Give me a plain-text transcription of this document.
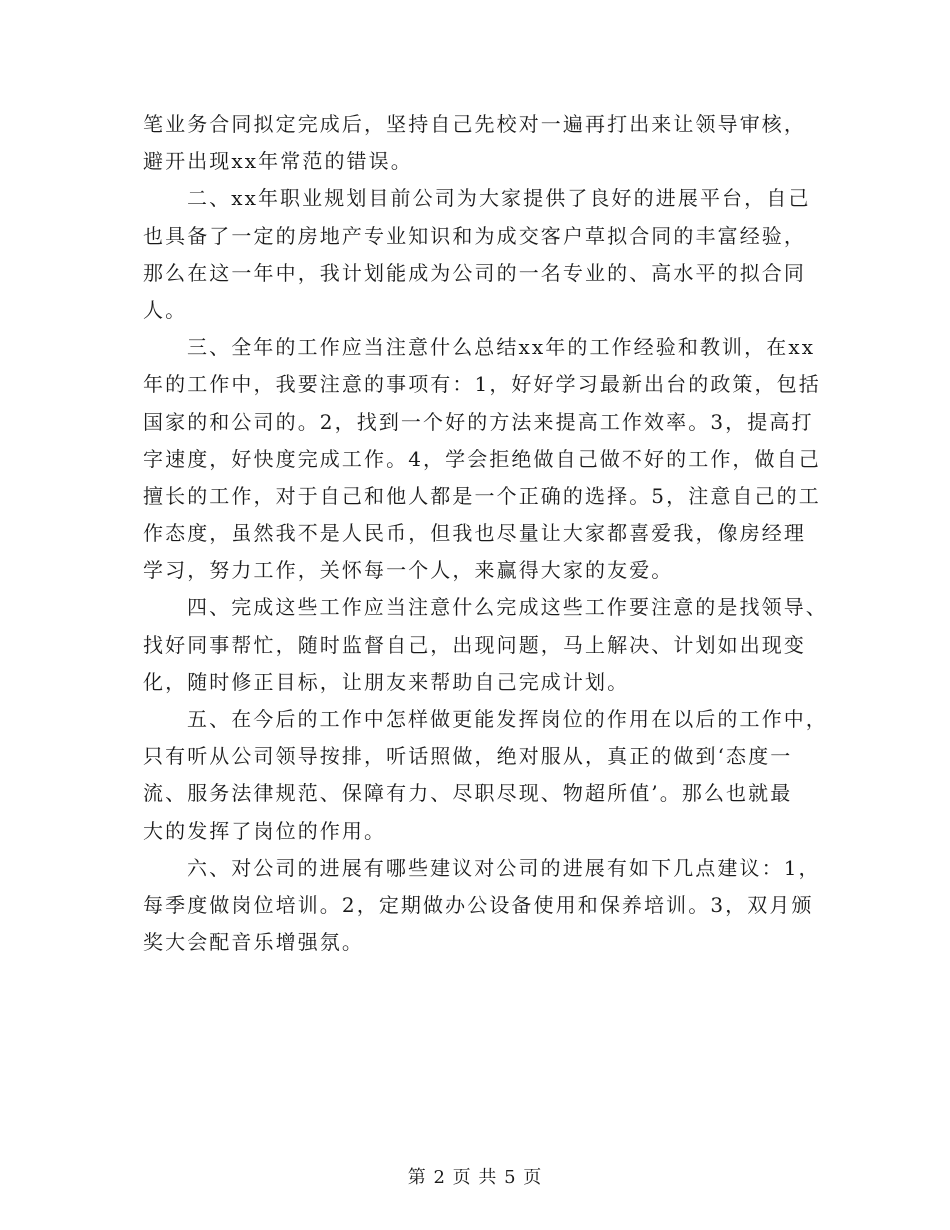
笔业务合同拟定完成后，坚持自己先校对一遍再打出来让领导审核，
避开出现xx年常范的错误。
二、xx年职业规划目前公司为大家提供了良好的进展平台，自己
也具备了一定的房地产专业知识和为成交客户草拟合同的丰富经验，
那么在这一年中，我计划能成为公司的一名专业的、高水平的拟合同
人。
三、全年的工作应当注意什么总结xx年的工作经验和教训，在xx
年的工作中，我要注意的事项有：1，好好学习最新出台的政策，包括
国家的和公司的。2，找到一个好的方法来提高工作效率。3，提高打
字速度，好快度完成工作。4，学会拒绝做自己做不好的工作，做自己
擅长的工作，对于自己和他人都是一个正确的选择。5，注意自己的工
作态度，虽然我不是人民币，但我也尽量让大家都喜爱我，像房经理
学习，努力工作，关怀每一个人，来赢得大家的友爱。
四、完成这些工作应当注意什么完成这些工作要注意的是找领导、
找好同事帮忙，随时监督自己，出现问题，马上解决、计划如出现变
化，随时修正目标，让朋友来帮助自己完成计划。
五、在今后的工作中怎样做更能发挥岗位的作用在以后的工作中，
只有听从公司领导按排，听话照做，绝对服从，真正的做到‘态度一
流、服务法律规范、保障有力、尽职尽现、物超所值’。那么也就最
大的发挥了岗位的作用。
六、对公司的进展有哪些建议对公司的进展有如下几点建议：1，
每季度做岗位培训。2，定期做办公设备使用和保养培训。3，双月颁
奖大会配音乐增强氛。
第 2 页 共 5 页
